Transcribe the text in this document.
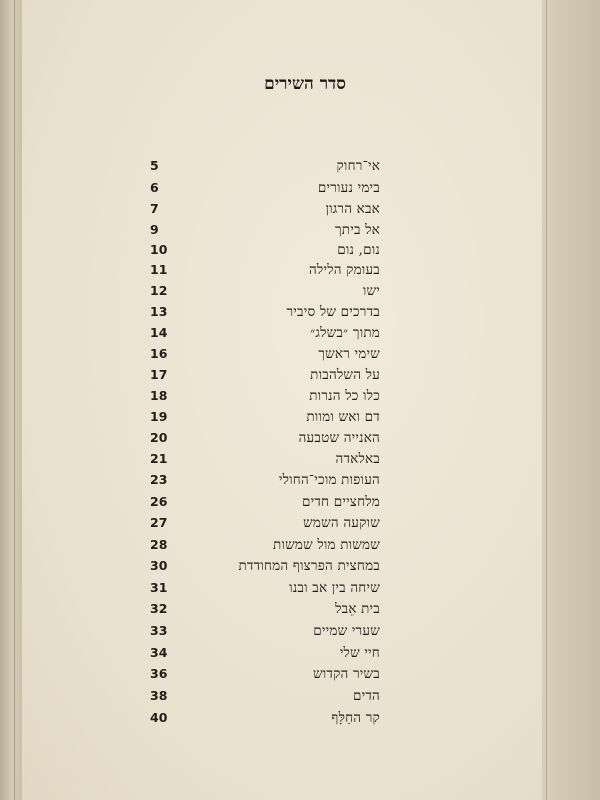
סדר השירים
אי־רחוק
5
בימי נעורים
6
אבא הרגון
7
אל ביתך
9
נום, נום
10
בעומק הלילה
11
ישו
12
בדרכים של סיביר
13
מתוך ״בשלג״
14
שימי ראשך
16
על השלהבות
17
כלו כל הנרות
18
דם ואש ומוות
19
האנייה שטבעה
20
באלאדה
21
העופות מוכי־החולי
23
מלחציים חדים
26
שוקעה השמש
27
שמשות מול שמשות
28
במחצית הפרצוף המחודדת
30
שיחה בין אב ובנו
31
בית אֵבל
32
שערי שמיים
33
חיי שלי
34
בשיר הקדוש
36
הדים
38
קר החַלָּף
40
